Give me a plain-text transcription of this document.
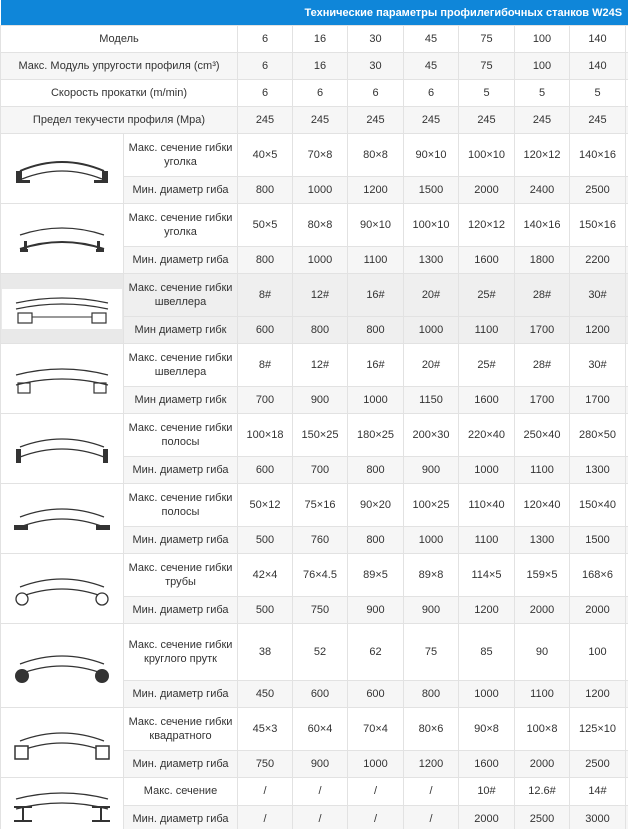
Технические параметры профилегибочных станков W24S									
Модель		6	16	30	45	75	100	140	
Макс. Модуль упругости профиля (cm³)		6	16	30	45	75	100	140	
Скорость прокатки (m/min)		6	6	6	6	5	5	5	
Предел текучести профиля (Mpa)		245	245	245	245	245	245	245	

	Макс. сечение гибки уголка	40×5	70×8	80×8	90×10	100×10	120×12	140×16	
	Мин. диаметр гиба	800	1000	1200	1500	2000	2400	2500	

	Макс. сечение гибки уголка	50×5	80×8	90×10	100×10	120×12	140×16	150×16	
	Мин. диаметр гиба	800	1000	1100	1300	1600	1800	2200	

	Макс. сечение гибки швеллера	8#	12#	16#	20#	25#	28#	30#	
	Мин диаметр гибк	600	800	800	1000	1100	1700	1200	

	Макс. сечение гибки швеллера	8#	12#	16#	20#	25#	28#	30#	
	Мин диаметр гибк	700	900	1000	1150	1600	1700	1700	

	Макс. сечение гибки полосы	100×18	150×25	180×25	200×30	220×40	250×40	280×50	
	Мин. диаметр гиба	600	700	800	900	1000	1100	1300	

	Макс. сечение гибки полосы	50×12	75×16	90×20	100×25	110×40	120×40	150×40	
	Мин. диаметр гиба	500	760	800	1000	1100	1300	1500	

	Макс. сечение гибки трубы	42×4	76×4.5	89×5	89×8	114×5	159×5	168×6	
	Мин. диаметр гиба	500	750	900	900	1200	2000	2000	

	Макс. сечение гибки круглого прутк	38	52	62	75	85	90	100	
	Мин. диаметр гиба	450	600	600	800	1000	1100	1200	

	Макс. сечение гибки квадратного	45×3	60×4	70×4	80×6	90×8	100×8	125×10	
	Мин. диаметр гиба	750	900	1000	1200	1600	2000	2500	

	Макс. сечение	/	/	/	/	10#	12.6#	14#	
	Мин. диаметр гиба	/	/	/	/	2000	2500	3000	
